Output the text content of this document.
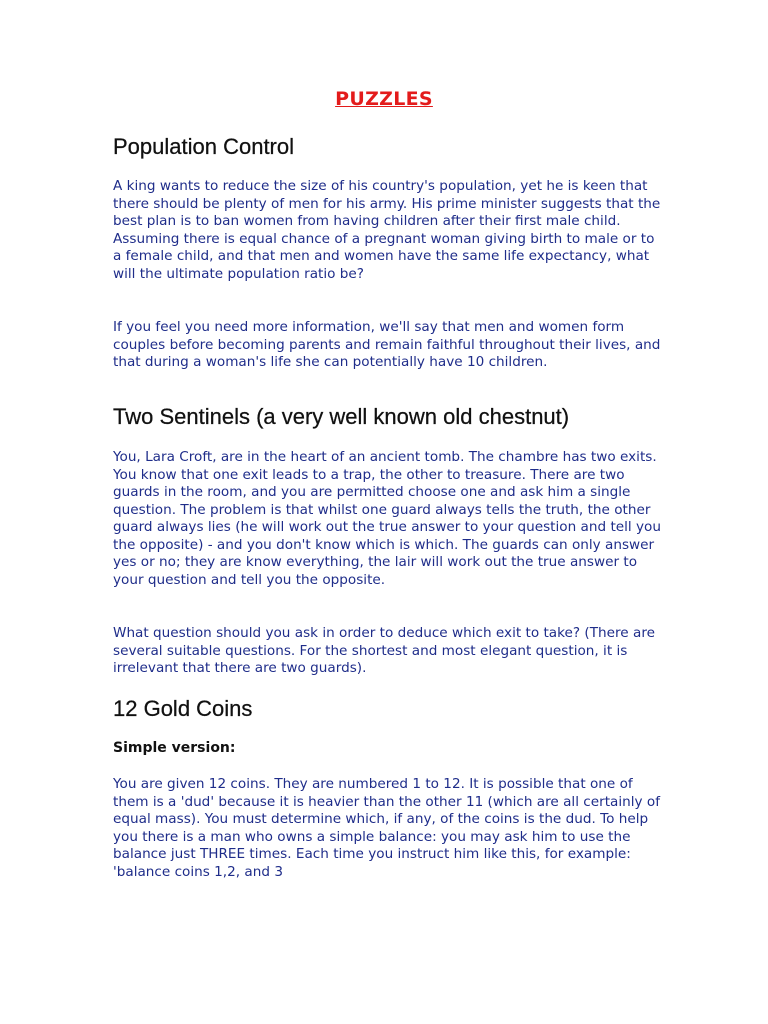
PUZZLES
Population Control

A king wants to reduce the size of his country's population, yet he is keen that there should be plenty of men for his army. His prime minister suggests that the best plan is to ban women from having children after their first male child. Assuming there is equal chance of a pregnant woman giving birth to male or to a female child, and that men and women have the same life expectancy, what will the ultimate population ratio be?

If you feel you need more information, we'll say that men and women form couples before becoming parents and remain faithful throughout their lives, and that during a woman's life she can potentially have 10 children.

Two Sentinels (a very well known old chestnut)

You, Lara Croft, are in the heart of an ancient tomb. The chambre has two exits. You know that one exit leads to a trap, the other to treasure. There are two guards in the room, and you are permitted choose one and ask him a single question. The problem is that whilst one guard always tells the truth, the other guard always lies (he will work out the true answer to your question and tell you the opposite) - and you don't know which is which. The guards can only answer yes or no; they are know everything, the lair will work out the true answer to your question and tell you the opposite.

What question should you ask in order to deduce which exit to take? (There are several suitable questions. For the shortest and most elegant question, it is irrelevant that there are two guards).

12 Gold Coins
Simple version:

You are given 12 coins. They are numbered 1 to 12. It is possible that one of them is a 'dud' because it is heavier than the other 11 (which are all certainly of equal mass). You must determine which, if any, of the coins is the dud. To help you there is a man who owns a simple balance: you may ask him to use the balance just THREE times. Each time you instruct him like this, for example: 'balance coins 1,2, and 3
